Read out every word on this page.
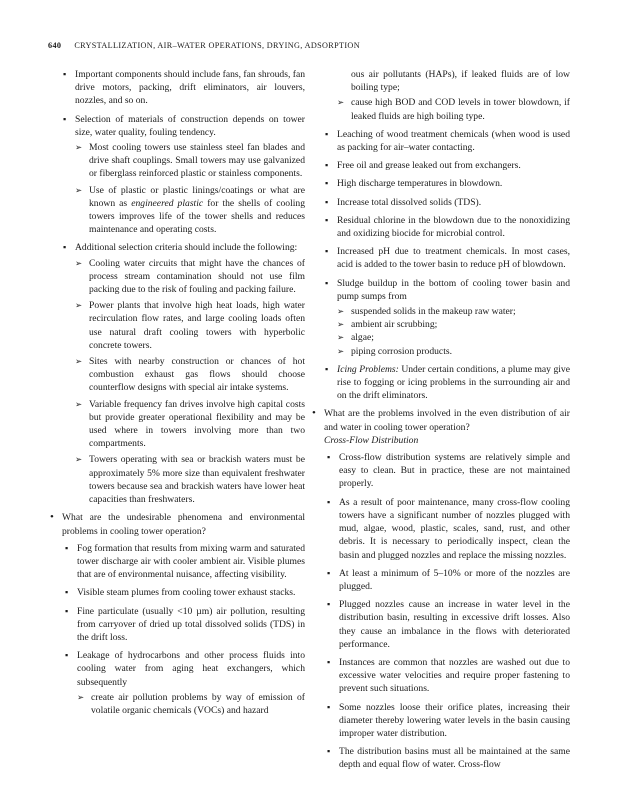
640 CRYSTALLIZATION, AIR–WATER OPERATIONS, DRYING, ADSORPTION
▪ Important components should include fans, fan shrouds, fan drive motors, packing, drift eliminators, air louvers, nozzles, and so on.
▪ Selection of materials of construction depends on tower size, water quality, fouling tendency.
➢ Most cooling towers use stainless steel fan blades and drive shaft couplings. Small towers may use galvanized or fiberglass reinforced plastic or stainless components.
➢ Use of plastic or plastic linings/coatings or what are known as engineered plastic for the shells of cooling towers improves life of the tower shells and reduces maintenance and operating costs.
▪ Additional selection criteria should include the following:
➢ Cooling water circuits that might have the chances of process stream contamination should not use film packing due to the risk of fouling and packing failure.
➢ Power plants that involve high heat loads, high water recirculation flow rates, and large cooling loads often use natural draft cooling towers with hyperbolic concrete towers.
➢ Sites with nearby construction or chances of hot combustion exhaust gas flows should choose counterflow designs with special air intake systems.
➢ Variable frequency fan drives involve high capital costs but provide greater operational flexibility and may be used where in towers involving more than two compartments.
➢ Towers operating with sea or brackish waters must be approximately 5% more size than equivalent freshwater towers because sea and brackish waters have lower heat capacities than freshwaters.
• What are the undesirable phenomena and environmental problems in cooling tower operation?
▪ Fog formation that results from mixing warm and saturated tower discharge air with cooler ambient air. Visible plumes that are of environmental nuisance, affecting visibility.
▪ Visible steam plumes from cooling tower exhaust stacks.
▪ Fine particulate (usually <10 µm) air pollution, resulting from carryover of dried up total dissolved solids (TDS) in the drift loss.
▪ Leakage of hydrocarbons and other process fluids into cooling water from aging heat exchangers, which subsequently
➢ create air pollution problems by way of emission of volatile organic chemicals (VOCs) and hazard
ous air pollutants (HAPs), if leaked fluids are of low boiling type;
➢ cause high BOD and COD levels in tower blowdown, if leaked fluids are high boiling type.
▪ Leaching of wood treatment chemicals (when wood is used as packing for air–water contacting.
▪ Free oil and grease leaked out from exchangers.
▪ High discharge temperatures in blowdown.
▪ Increase total dissolved solids (TDS).
▪ Residual chlorine in the blowdown due to the nonoxidizing and oxidizing biocide for microbial control.
▪ Increased pH due to treatment chemicals. In most cases, acid is added to the tower basin to reduce pH of blowdown.
▪ Sludge buildup in the bottom of cooling tower basin and pump sumps from
➢ suspended solids in the makeup raw water;
➢ ambient air scrubbing;
➢ algae;
➢ piping corrosion products.
▪ Icing Problems: Under certain conditions, a plume may give rise to fogging or icing problems in the surrounding air and on the drift eliminators.
• What are the problems involved in the even distribution of air and water in cooling tower operation?
Cross-Flow Distribution
▪ Cross-flow distribution systems are relatively simple and easy to clean. But in practice, these are not maintained properly.
▪ As a result of poor maintenance, many cross-flow cooling towers have a significant number of nozzles plugged with mud, algae, wood, plastic, scales, sand, rust, and other debris. It is necessary to periodically inspect, clean the basin and plugged nozzles and replace the missing nozzles.
▪ At least a minimum of 5–10% or more of the nozzles are plugged.
▪ Plugged nozzles cause an increase in water level in the distribution basin, resulting in excessive drift losses. Also they cause an imbalance in the flows with deteriorated performance.
▪ Instances are common that nozzles are washed out due to excessive water velocities and require proper fastening to prevent such situations.
▪ Some nozzles loose their orifice plates, increasing their diameter thereby lowering water levels in the basin causing improper water distribution.
▪ The distribution basins must all be maintained at the same depth and equal flow of water. Cross-flow
